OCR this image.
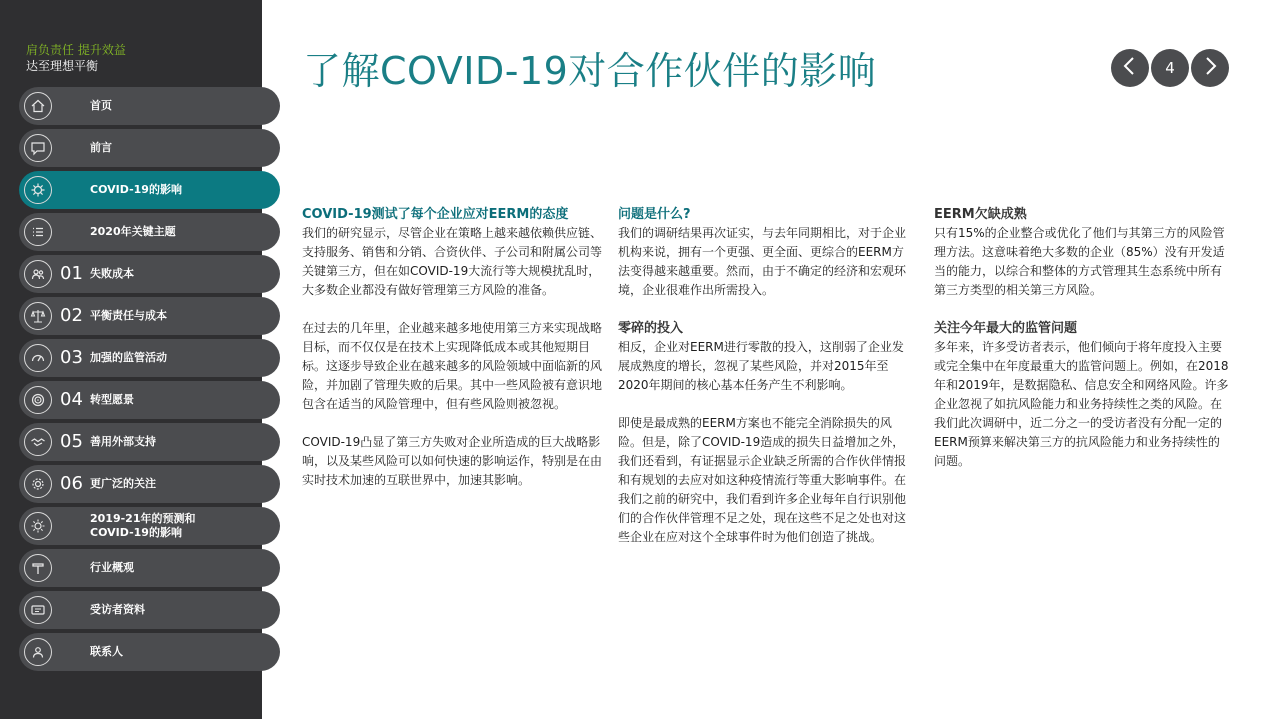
肩负责任 提升效益
达至理想平衡
首页
前言
COVID-19的影响
2020年关键主题
01 失败成本
02 平衡责任与成本
03 加强的监管活动
04 转型愿景
05 善用外部支持
06 更广泛的关注
2019-21年的预测和 COVID-19的影响
行业概观
受访者资料
联系人
了解COVID-19对合作伙伴的影响	4
COVID-19测试了每个企业应对EERM的态度

我们的研究显示，尽管企业在策略上越来越依赖供应链、支持服务、销售和分销、合资伙伴、子公司和附属公司等关键第三方，但在如COVID-19大流行等大规模扰乱时，大多数企业都没有做好管理第三方风险的准备。

在过去的几年里，企业越来越多地使用第三方来实现战略目标，而不仅仅是在技术上实现降低成本或其他短期目标。这逐步导致企业在越来越多的风险领域中面临新的风险，并加剧了管理失败的后果。其中一些风险被有意识地包含在适当的风险管理中，但有些风险则被忽视。

COVID-19凸显了第三方失败对企业所造成的巨大战略影响，以及某些风险可以如何快速的影响运作，特别是在由实时技术加速的互联世界中，加速其影响。

问题是什么?

我们的调研结果再次证实，与去年同期相比，对于企业机构来说，拥有一个更强、更全面、更综合的EERM方法变得越来越重要。然而，由于不确定的经济和宏观环境，企业很难作出所需投入。

零碎的投入

相反，企业对EERM进行零散的投入，这削弱了企业发展成熟度的增长，忽视了某些风险，并对2015年至2020年期间的核心基本任务产生不利影响。

即使是最成熟的EERM方案也不能完全消除损失的风险。但是，除了COVID-19造成的损失日益增加之外，我们还看到，有证据显示企业缺乏所需的合作伙伴情报和有规划的去应对如这种疫情流行等重大影响事件。在我们之前的研究中，我们看到许多企业每年自行识别他们的合作伙伴管理不足之处，现在这些不足之处也对这些企业在应对这个全球事件时为他们创造了挑战。

EERM欠缺成熟

只有15%的企业整合或优化了他们与其第三方的风险管理方法。这意味着绝大多数的企业（85%）没有开发适当的能力，以综合和整体的方式管理其生态系统中所有第三方类型的相关第三方风险。

关注今年最大的监管问题

多年来，许多受访者表示，他们倾向于将年度投入主要或完全集中在年度最重大的监管问题上。例如，在2018年和2019年，是数据隐私、信息安全和网络风险。许多企业忽视了如抗风险能力和业务持续性之类的风险。在我们此次调研中，近二分之一的受访者没有分配一定的EERM预算来解决第三方的抗风险能力和业务持续性的问题。
